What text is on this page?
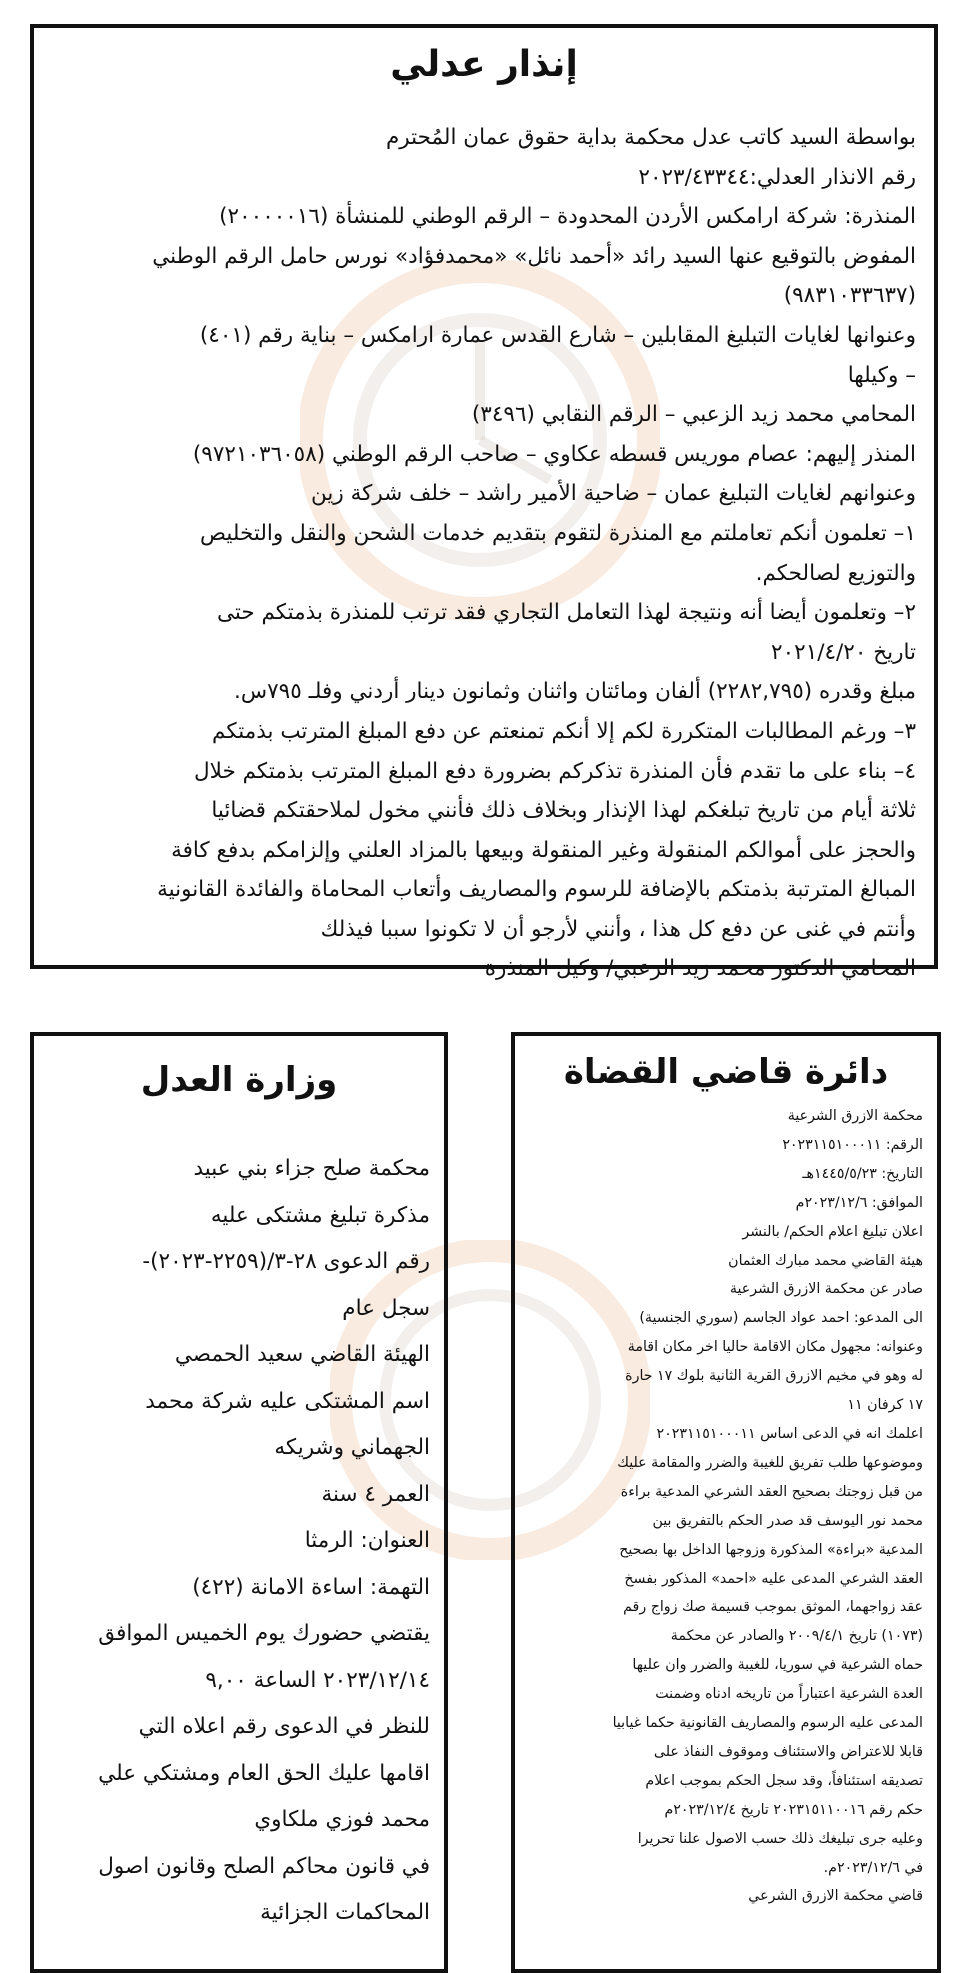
إنذار عدلي
بواسطة السيد كاتب عدل محكمة بداية حقوق عمان المُحترم
رقم الانذار العدلي:٢٠٢٣/٤٣٣٤٤
المنذرة: شركة ارامكس الأردن المحدودة – الرقم الوطني للمنشأة (٢٠٠٠٠٠١٦)
المفوض بالتوقيع عنها السيد رائد «أحمد نائل» «محمدفؤاد» نورس حامل الرقم الوطني
(٩٨٣١٠٣٣٦٣٧)
وعنوانها لغايات التبليغ المقابلين – شارع القدس عمارة ارامكس – بناية رقم (٤٠١)
– وكيلها
المحامي محمد زيد الزعبي – الرقم النقابي (٣٤٩٦)
المنذر إليهم: عصام موريس قسطه عكاوي – صاحب الرقم الوطني (٩٧٢١٠٣٦٠٥٨)
وعنوانهم لغايات التبليغ عمان – ضاحية الأمير راشد – خلف شركة زين
١– تعلمون أنكم تعاملتم مع المنذرة لتقوم بتقديم خدمات الشحن والنقل والتخليص
والتوزيع لصالحكم.
٢– وتعلمون أيضا أنه ونتيجة لهذا التعامل التجاري فقد ترتب للمنذرة بذمتكم حتى
تاريخ ٢٠٢١/٤/٢٠
مبلغ وقدره (٢٢٨٢,٧٩٥) ألفان ومائتان واثنان وثمانون دينار أردني وفلـ ٧٩٥س.
٣– ورغم المطالبات المتكررة لكم إلا أنكم تمنعتم عن دفع المبلغ المترتب بذمتكم
٤– بناء على ما تقدم فأن المنذرة تذكركم بضرورة دفع المبلغ المترتب بذمتكم خلال
ثلاثة أيام من تاريخ تبلغكم لهذا الإنذار وبخلاف ذلك فأنني مخول لملاحقتكم قضائيا
والحجز على أموالكم المنقولة وغير المنقولة وبيعها بالمزاد العلني وإلزامكم بدفع كافة
المبالغ المترتبة بذمتكم بالإضافة للرسوم والمصاريف وأتعاب المحاماة والفائدة القانونية
وأنتم في غنى عن دفع كل هذا ، وأنني لأرجو أن لا تكونوا سببا فيذلك
المحامي الدكتور محمد زيد الزعبي/ وكيل المنذرة
وزارة العدل
محكمة صلح جزاء بني عبيد
مذكرة تبليغ مشتكى عليه
رقم الدعوى ٢٨-٣/(٢٢٥٩-٢٠٢٣)-
سجل عام
الهيئة القاضي سعيد الحمصي
اسم المشتكى عليه شركة محمد
الجهماني وشريكه
العمر ٤ سنة
العنوان: الرمثا
التهمة: اساءة الامانة (٤٢٢)
يقتضي حضورك يوم الخميس الموافق
٢٠٢٣/١٢/١٤ الساعة ٩,٠٠
للنظر في الدعوى رقم اعلاه التي
اقامها عليك الحق العام ومشتكي علي
محمد فوزي ملكاوي
في قانون محاكم الصلح وقانون اصول
المحاكمات الجزائية
دائرة قاضي القضاة
محكمة الازرق الشرعية
الرقم: ٢٠٢٣١١٥١٠٠٠١١
التاريخ: ١٤٤٥/٥/٢٣هـ
الموافق: ٢٠٢٣/١٢/٦م
اعلان تبليغ اعلام الحكم/ بالنشر
هيئة القاضي محمد مبارك العثمان
صادر عن محكمة الازرق الشرعية
الى المدعو: احمد عواد الجاسم (سوري الجنسية)
وعنوانه: مجهول مكان الاقامة حاليا اخر مكان اقامة
له وهو في مخيم الازرق القرية الثانية بلوك ١٧ حارة
١٧ كرفان ١١
اعلمك انه في الدعى اساس ٢٠٢٣١١٥١٠٠٠١١
وموضوعها طلب تفريق للغيبة والضرر والمقامة عليك
من قبل زوجتك بصحيح العقد الشرعي المدعية براءة
محمد نور اليوسف قد صدر الحكم بالتفريق بين
المدعية «براءة» المذكورة وزوجها الداخل بها بصحيح
العقد الشرعي المدعى عليه «احمد» المذكور بفسخ
عقد زواجهما، الموثق بموجب قسيمة صك زواج رقم
(١٠٧٣) تاريخ ٢٠٠٩/٤/١ والصادر عن محكمة
حماه الشرعية في سوريا، للغيبة والضرر وان عليها
العدة الشرعية اعتباراً من تاريخه ادناه وضمنت
المدعى عليه الرسوم والمصاريف القانونية حكما غيابيا
قابلا للاعتراض والاستئناف وموقوف النفاذ على
تصديقه استئنافاً، وقد سجل الحكم بموجب اعلام
حكم رقم ٢٠٢٣١٥١١٠٠١٦ تاريخ ٢٠٢٣/١٢/٤م
وعليه جرى تبليغك ذلك حسب الاصول علنا تحريرا
في ٢٠٢٣/١٢/٦م.
قاضي محكمة الازرق الشرعي
